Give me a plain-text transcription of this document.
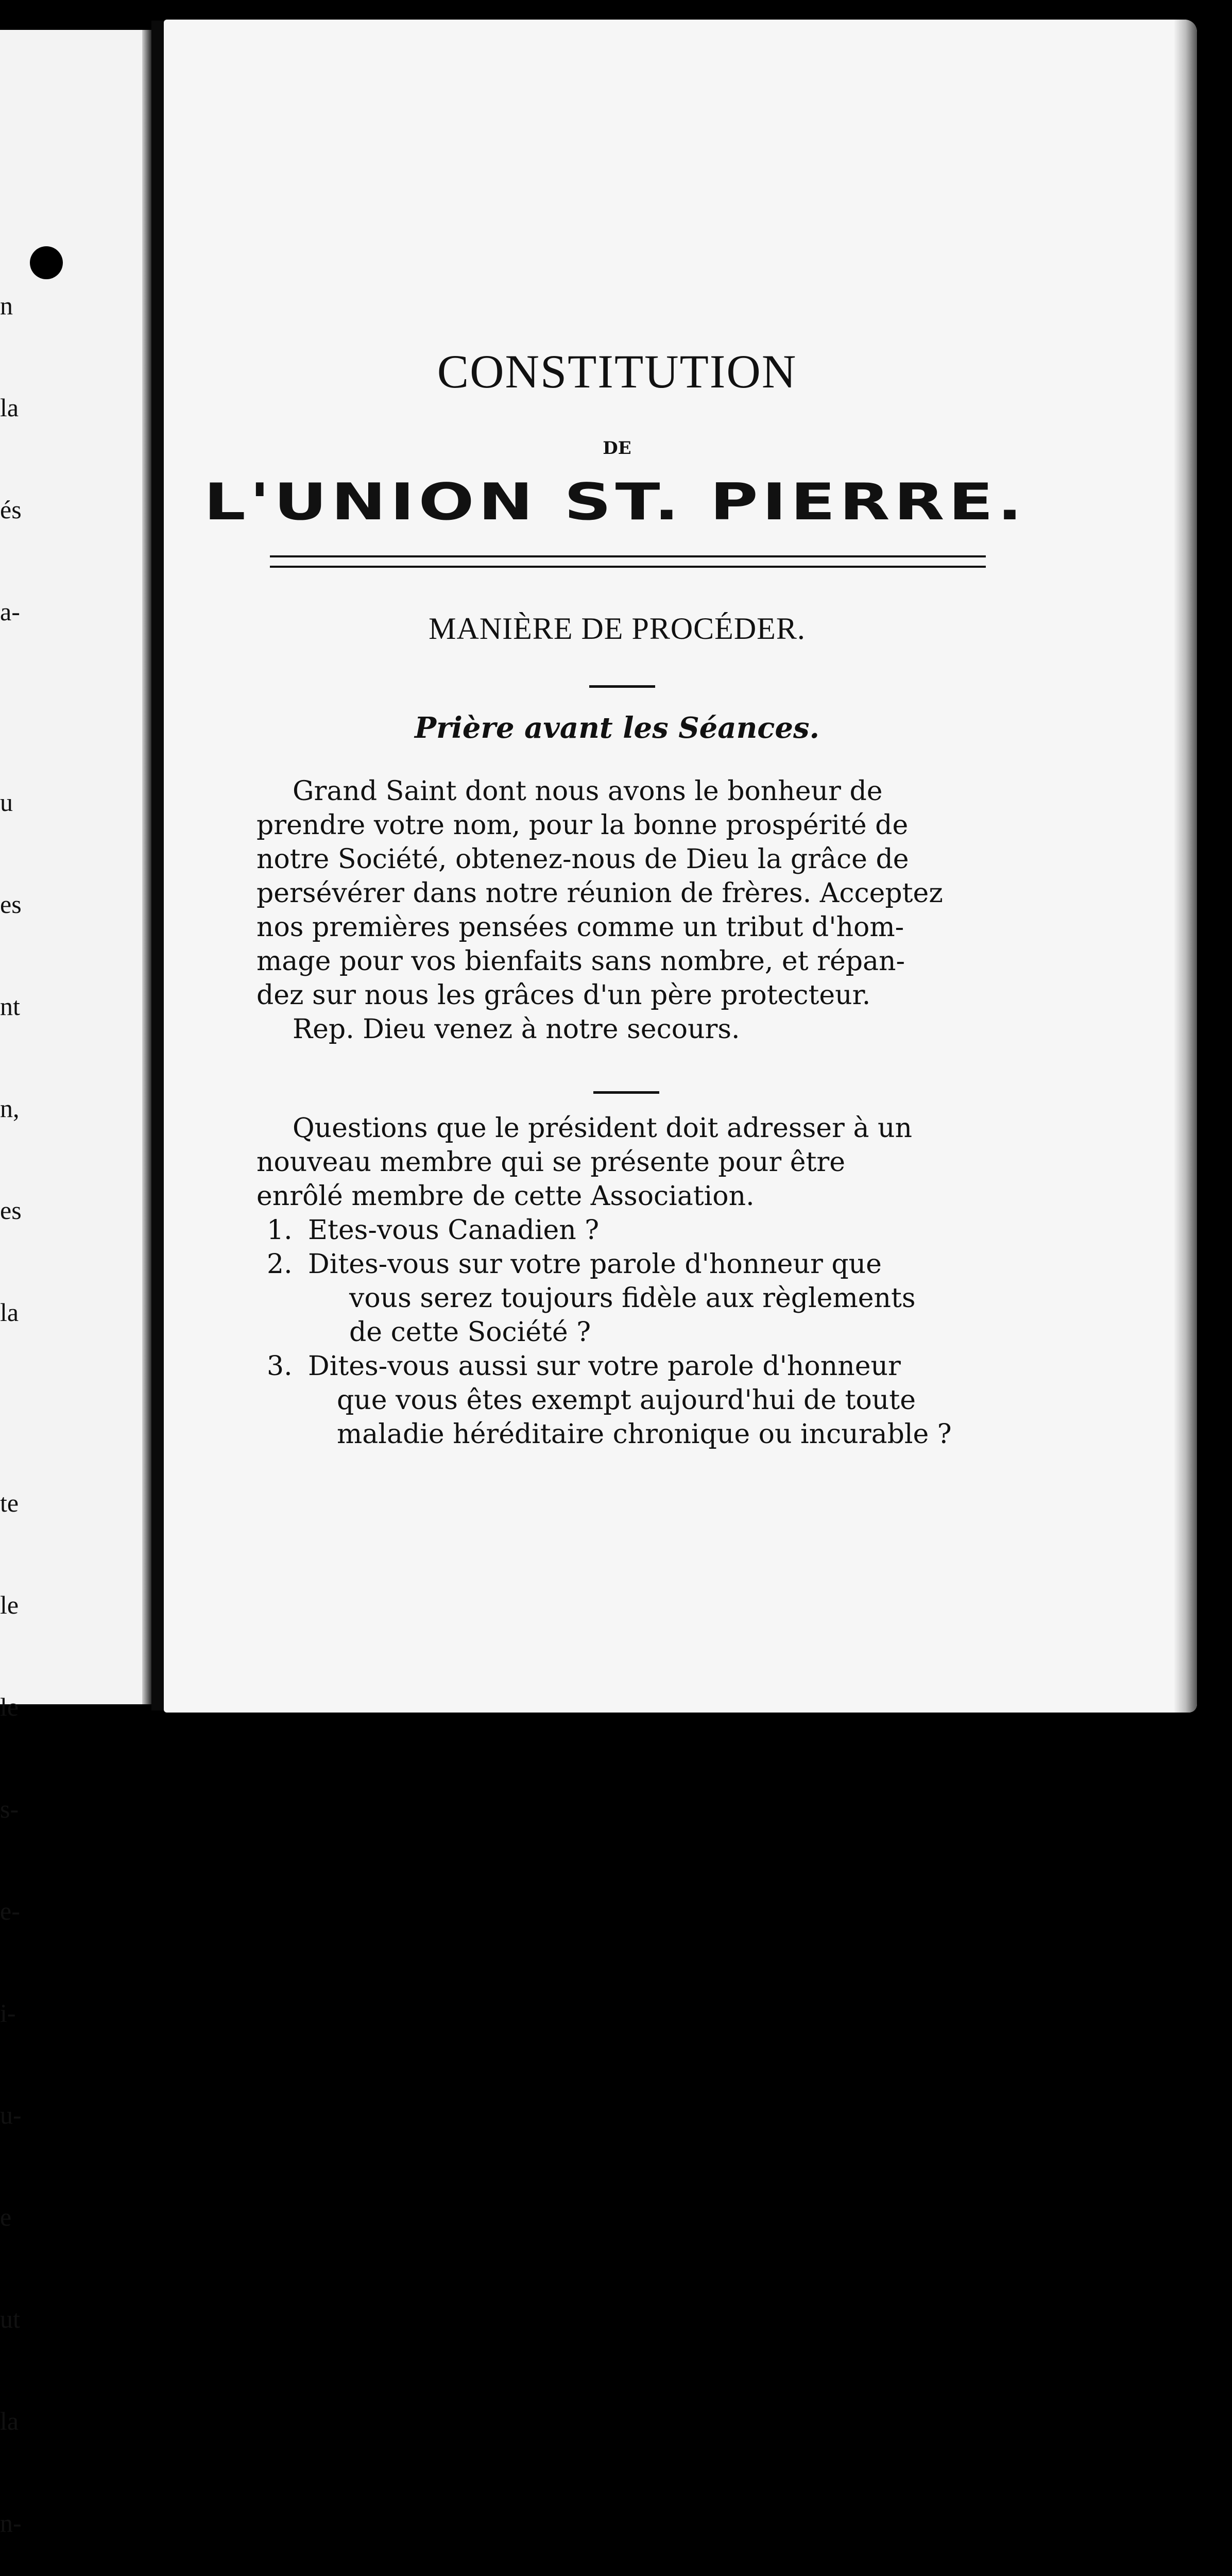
n

la

és

a-

u

es

nt

n,

es

la

te

le

le

s-

e-

i-

u-

e

ut

la

n-

CONSTITUTION
DE
L'UNION ST. PIERRE.
MANIÈRE DE PROCÉDER.
Prière avant les Séances.

Grand Saint dont nous avons le bonheur de

prendre votre nom, pour la bonne prospérité de

notre Société, obtenez-nous de Dieu la grâce de

persévérer dans notre réunion de frères. Acceptez

nos premières pensées comme un tribut d'hom-

mage pour vos bienfaits sans nombre, et répan-

dez sur nous les grâces d'un père protecteur.

Rep. Dieu venez à notre secours.

Questions que le président doit adresser à un

nouveau membre qui se présente pour être

enrôlé membre de cette Association.

1. Etes-vous Canadien ?
2. Dites-vous sur votre parole d'honneur que
vous serez toujours fidèle aux règlements
de cette Société ?
3. Dites-vous aussi sur votre parole d'honneur
que vous êtes exempt aujourd'hui de toute
maladie héréditaire chronique ou incurable ?
